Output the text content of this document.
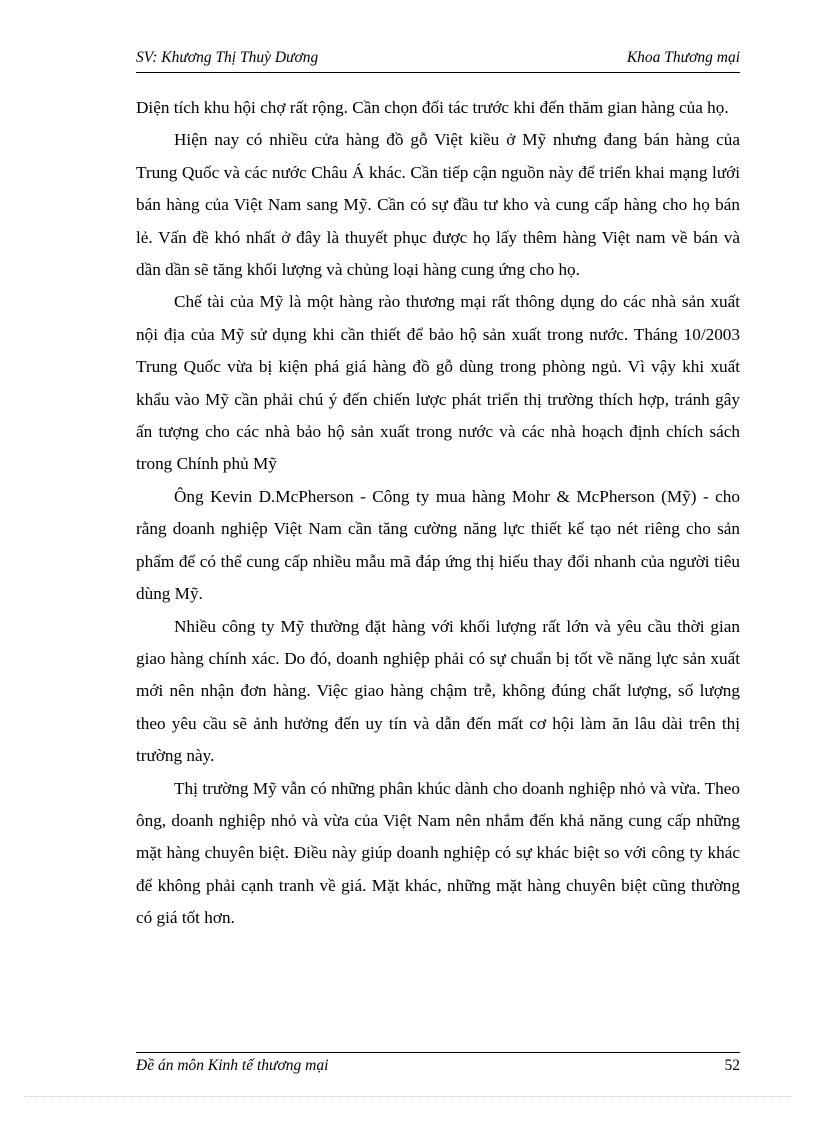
SV: Khương Thị Thuỳ Dương	Khoa Thương mại

Diện tích khu hội chợ rất rộng. Cần chọn đối tác trước khi đến thăm gian hàng của họ.

Hiện nay có nhiều cửa hàng đồ gỗ Việt kiều ở Mỹ nhưng đang bán hàng của Trung Quốc và các nước Châu Á khác. Cần tiếp cận nguồn này để triển khai mạng lưới bán hàng của Việt Nam sang Mỹ. Cần có sự đầu tư kho và cung cấp hàng cho họ bán lẻ. Vấn đề khó nhất ở đây là thuyết phục được họ lấy thêm hàng Việt nam về bán và dần dần sẽ tăng khối lượng và chủng loại hàng cung ứng cho họ.

Chế tài của Mỹ là một hàng rào thương mại rất thông dụng do các nhà sản xuất nội địa của Mỹ sử dụng khi cần thiết để bảo hộ sản xuất trong nước. Tháng 10/2003 Trung Quốc vừa bị kiện phá giá hàng đồ gỗ dùng trong phòng ngủ. Vì vậy khi xuất khẩu vào Mỹ cần phải chú ý đến chiến lược phát triển thị trường thích hợp, tránh gây ấn tượng cho các nhà bảo hộ sản xuất trong nước và các nhà hoạch định chích sách trong Chính phủ Mỹ

Ông Kevin D.McPherson - Công ty mua hàng Mohr & McPherson (Mỹ) - cho rằng doanh nghiệp Việt Nam cần tăng cường năng lực thiết kế tạo nét riêng cho sản phẩm để có thể cung cấp nhiều mẫu mã đáp ứng thị hiếu thay đổi nhanh của người tiêu dùng Mỹ.

Nhiều công ty Mỹ thường đặt hàng với khối lượng rất lớn và yêu cầu thời gian giao hàng chính xác. Do đó, doanh nghiệp phải có sự chuẩn bị tốt về năng lực sản xuất mới nên nhận đơn hàng. Việc giao hàng chậm trễ, không đúng chất lượng, số lượng theo yêu cầu sẽ ảnh hưởng đến uy tín và dẫn đến mất cơ hội làm ăn lâu dài trên thị trường này.

Thị trường Mỹ vẫn có những phân khúc dành cho doanh nghiệp nhỏ và vừa. Theo ông, doanh nghiệp nhỏ và vừa của Việt Nam nên nhắm đến khả năng cung cấp những mặt hàng chuyên biệt. Điều này giúp doanh nghiệp có sự khác biệt so với công ty khác để không phải cạnh tranh về giá. Mặt khác, những mặt hàng chuyên biệt cũng thường có giá tốt hơn.

Đề án môn Kinh tế thương mại	52
